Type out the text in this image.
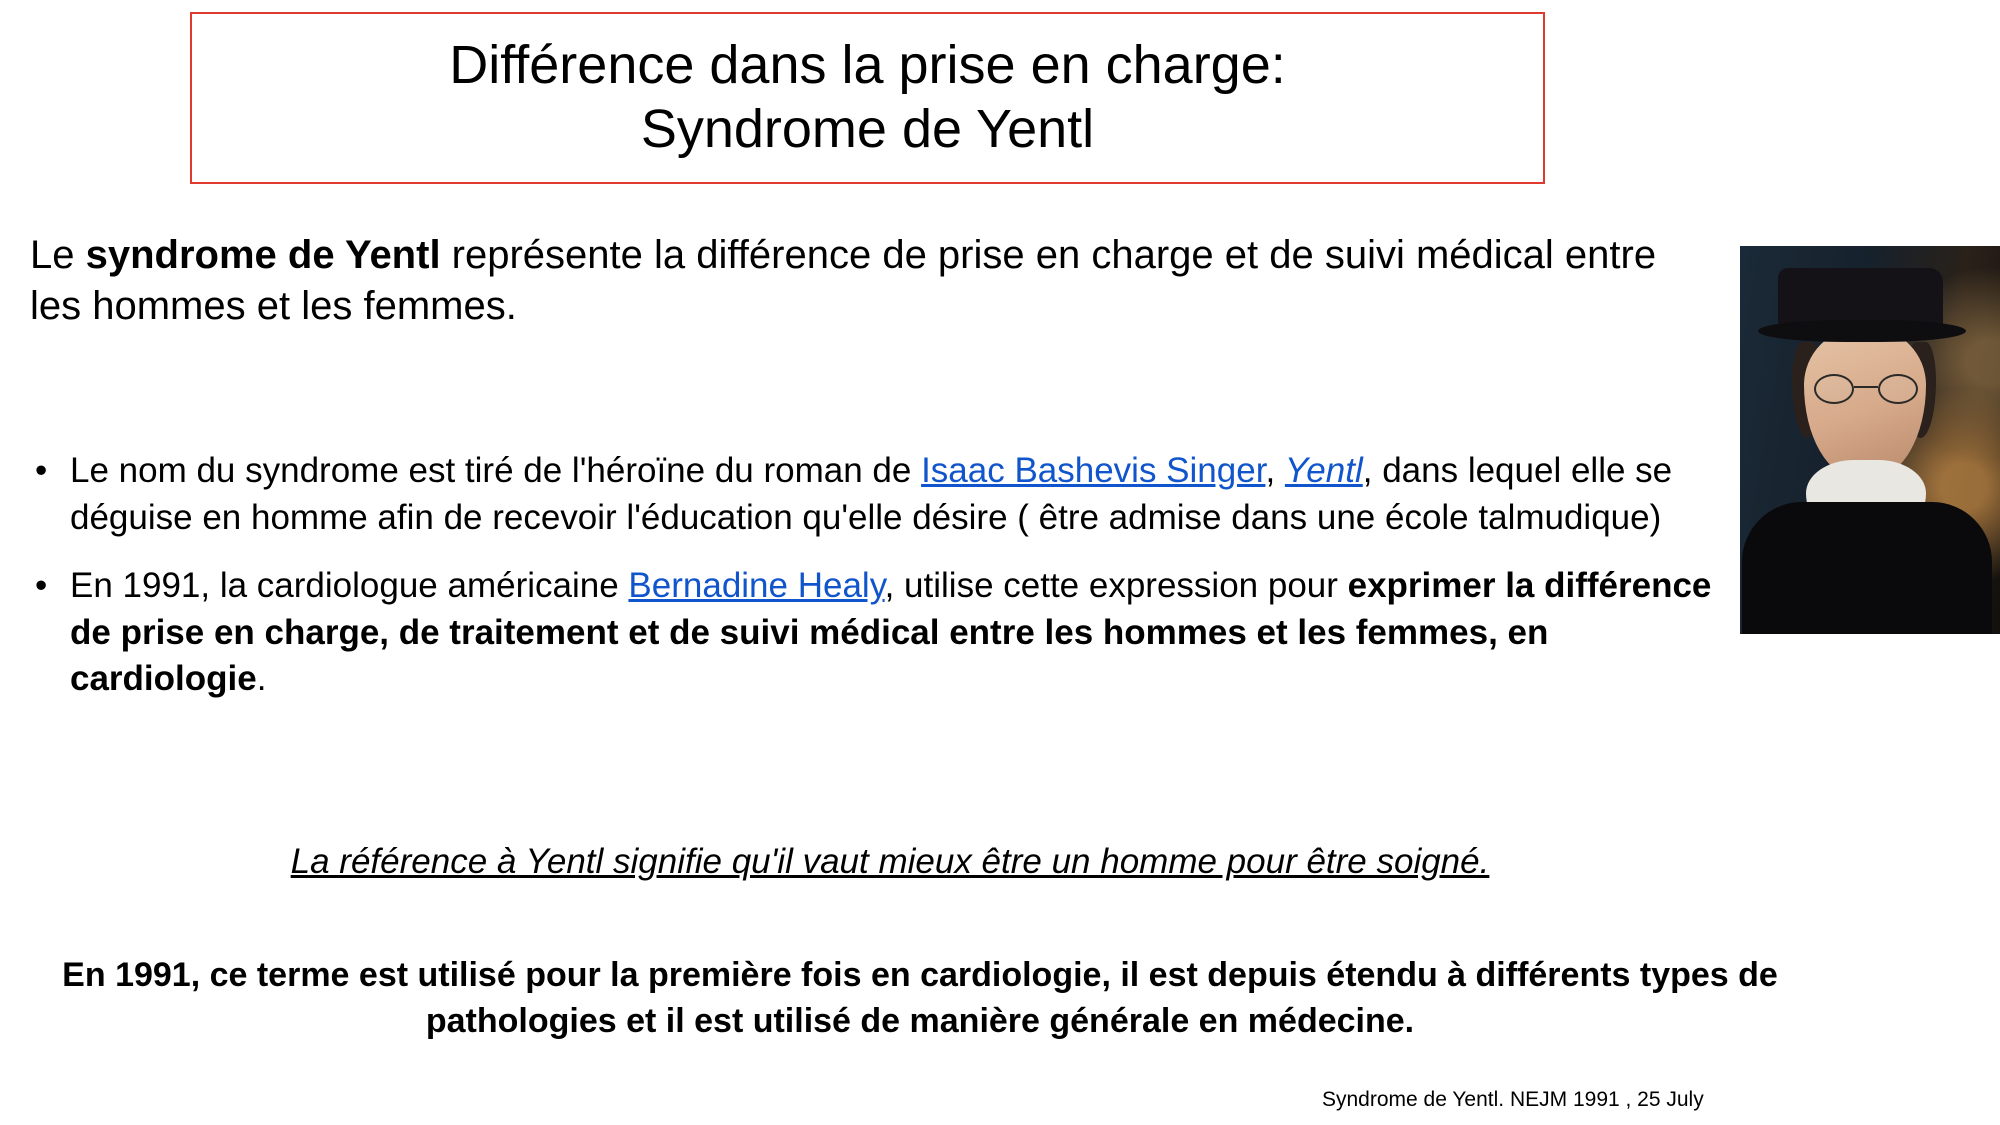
Différence dans la prise en charge:
Syndrome de Yentl
Le syndrome de Yentl représente la différence de prise en charge et de suivi médical entre les hommes et les femmes.
• Le nom du syndrome est tiré de l'héroïne du roman de Isaac Bashevis Singer, Yentl, dans lequel elle se déguise en homme afin de recevoir l'éducation qu'elle désire ( être admise dans une école talmudique)
• En 1991, la cardiologue américaine Bernadine Healy, utilise cette expression pour exprimer la différence de prise en charge, de traitement et de suivi médical entre les hommes et les femmes, en cardiologie.
La référence à Yentl signifie qu'il vaut mieux être un homme pour être soigné.
En 1991, ce terme est utilisé pour la première fois en cardiologie, il est depuis étendu à différents types de pathologies et il est utilisé de manière générale en médecine.
Syndrome de Yentl. NEJM 1991 , 25 July
